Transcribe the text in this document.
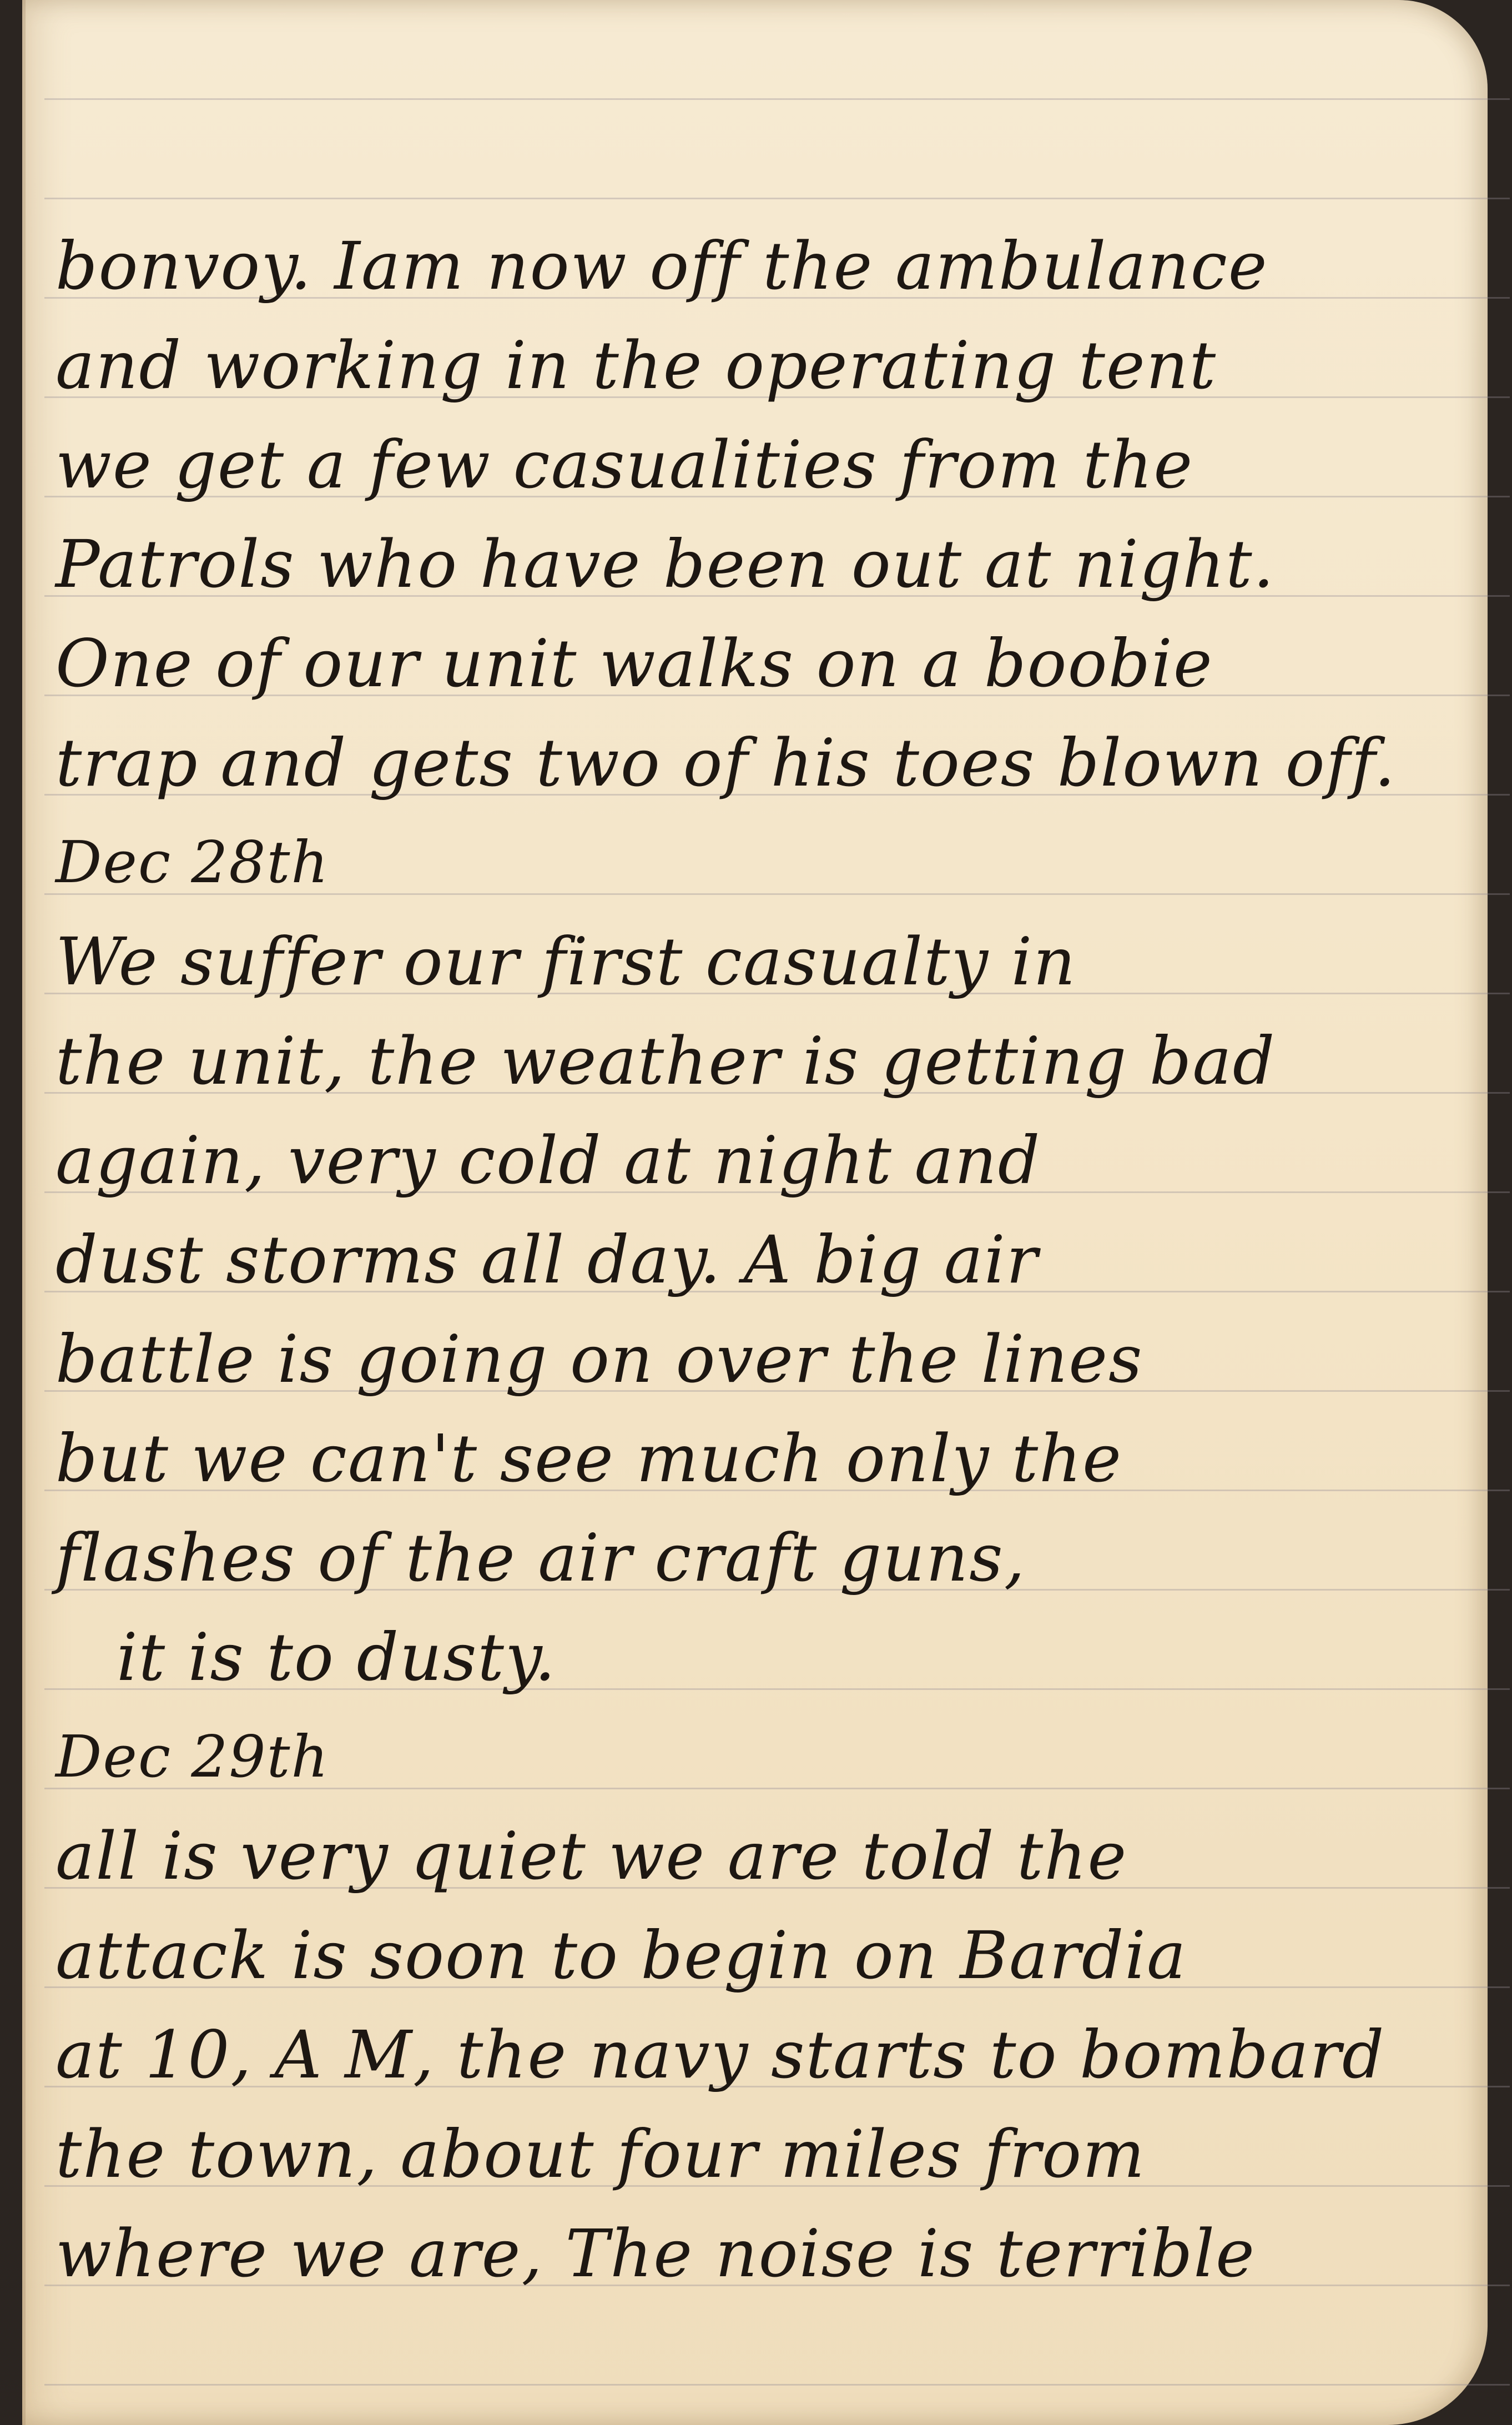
bonvoy. Iam now off the ambulance
and working in the operating tent
we get a few casualities from the
Patrols who have been out at night.
One of our unit walks on a boobie
trap and gets two of his toes blown off.
Dec 28th
We suffer our first casualty in
the unit, the weather is getting bad
again, very cold at night and
dust storms all day. A big air
battle is going on over the lines
but we can't see much only the
flashes of the air craft guns,
it is to dusty.
Dec 29th
all is very quiet we are told the
attack is soon to begin on Bardia
at 10, A M, the navy starts to bombard
the town, about four miles from
where we are, The noise is terrible
